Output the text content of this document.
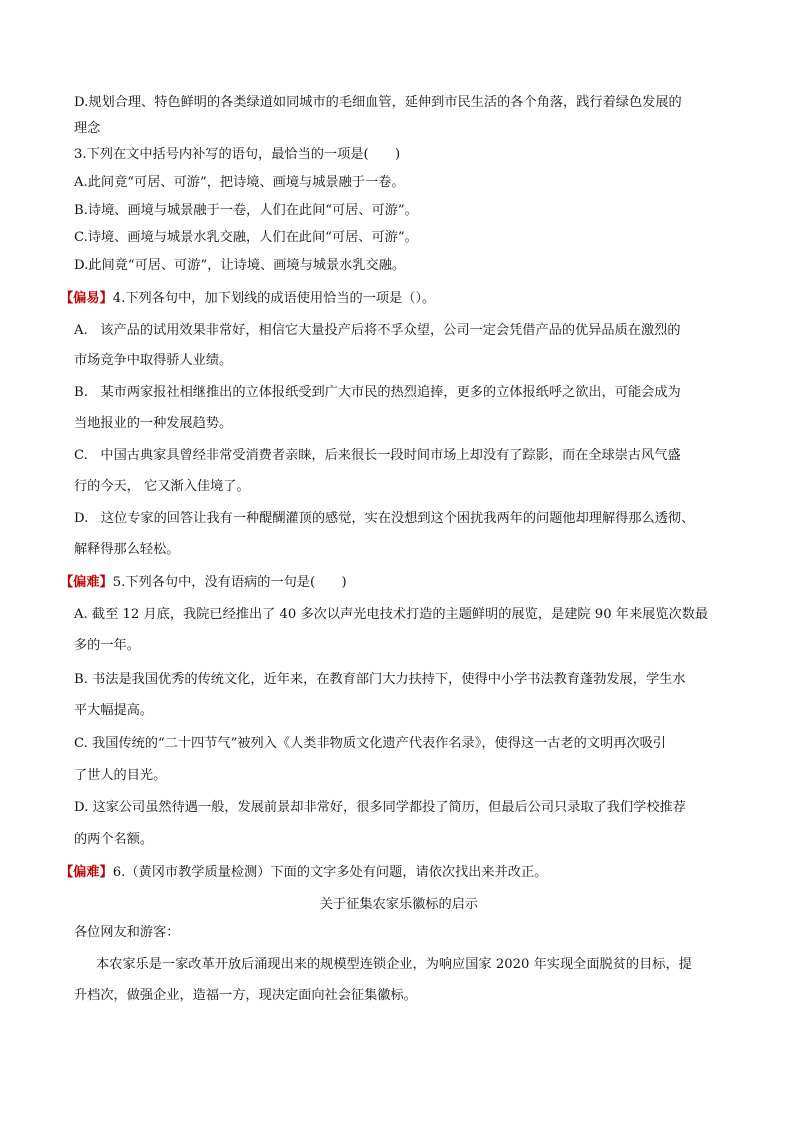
D.规划合理、特色鲜明的各类绿道如同城市的毛细血管，延伸到市民生活的各个角落，践行着绿色发展的
理念
3.下列在文中括号内补写的语句，最恰当的一项是(　　)
A.此间竟“可居、可游”，把诗境、画境与城景融于一卷。
B.诗境、画境与城景融于一卷，人们在此间“可居、可游”。
C.诗境、画境与城景水乳交融，人们在此间“可居、可游”。
D.此间竟“可居、可游”，让诗境、画境与城景水乳交融。
【偏易】4.下列各句中，加下划线的成语使用恰当的一项是（）。
A. 该产品的试用效果非常好，相信它大量投产后将不孚众望，公司一定会凭借产品的优异品质在激烈的
市场竞争中取得骄人业绩。
B. 某市两家报社相继推出的立体报纸受到广大市民的热烈追捧，更多的立体报纸呼之欲出，可能会成为
当地报业的一种发展趋势。
C. 中国古典家具曾经非常受消费者亲睐，后来很长一段时间市场上却没有了踪影，而在全球崇古风气盛
行的今天， 它又渐入佳境了。
D. 这位专家的回答让我有一种醍醐灌顶的感觉，实在没想到这个困扰我两年的问题他却理解得那么透彻、
解释得那么轻松。
【偏难】5.下列各句中，没有语病的一句是(　　)
A. 截至 12 月底，我院已经推出了 40 多次以声光电技术打造的主题鲜明的展览，是建院 90 年来展览次数最
多的一年。
B. 书法是我国优秀的传统文化，近年来，在教育部门大力扶持下，使得中小学书法教育蓬勃发展，学生水
平大幅提高。
C. 我国传统的“二十四节气”被列入《人类非物质文化遗产代表作名录》，使得这一古老的文明再次吸引
了世人的目光。
D. 这家公司虽然待遇一般，发展前景却非常好，很多同学都投了简历，但最后公司只录取了我们学校推荐
的两个名额。
【偏难】6.（黄冈市教学质量检测）下面的文字多处有问题，请依次找出来并改正。
关于征集农家乐徽标的启示
各位网友和游客：
本农家乐是一家改革开放后涌现出来的规模型连锁企业，为响应国家 2020 年实现全面脱贫的目标，提
升档次，做强企业，造福一方，现决定面向社会征集徽标。
